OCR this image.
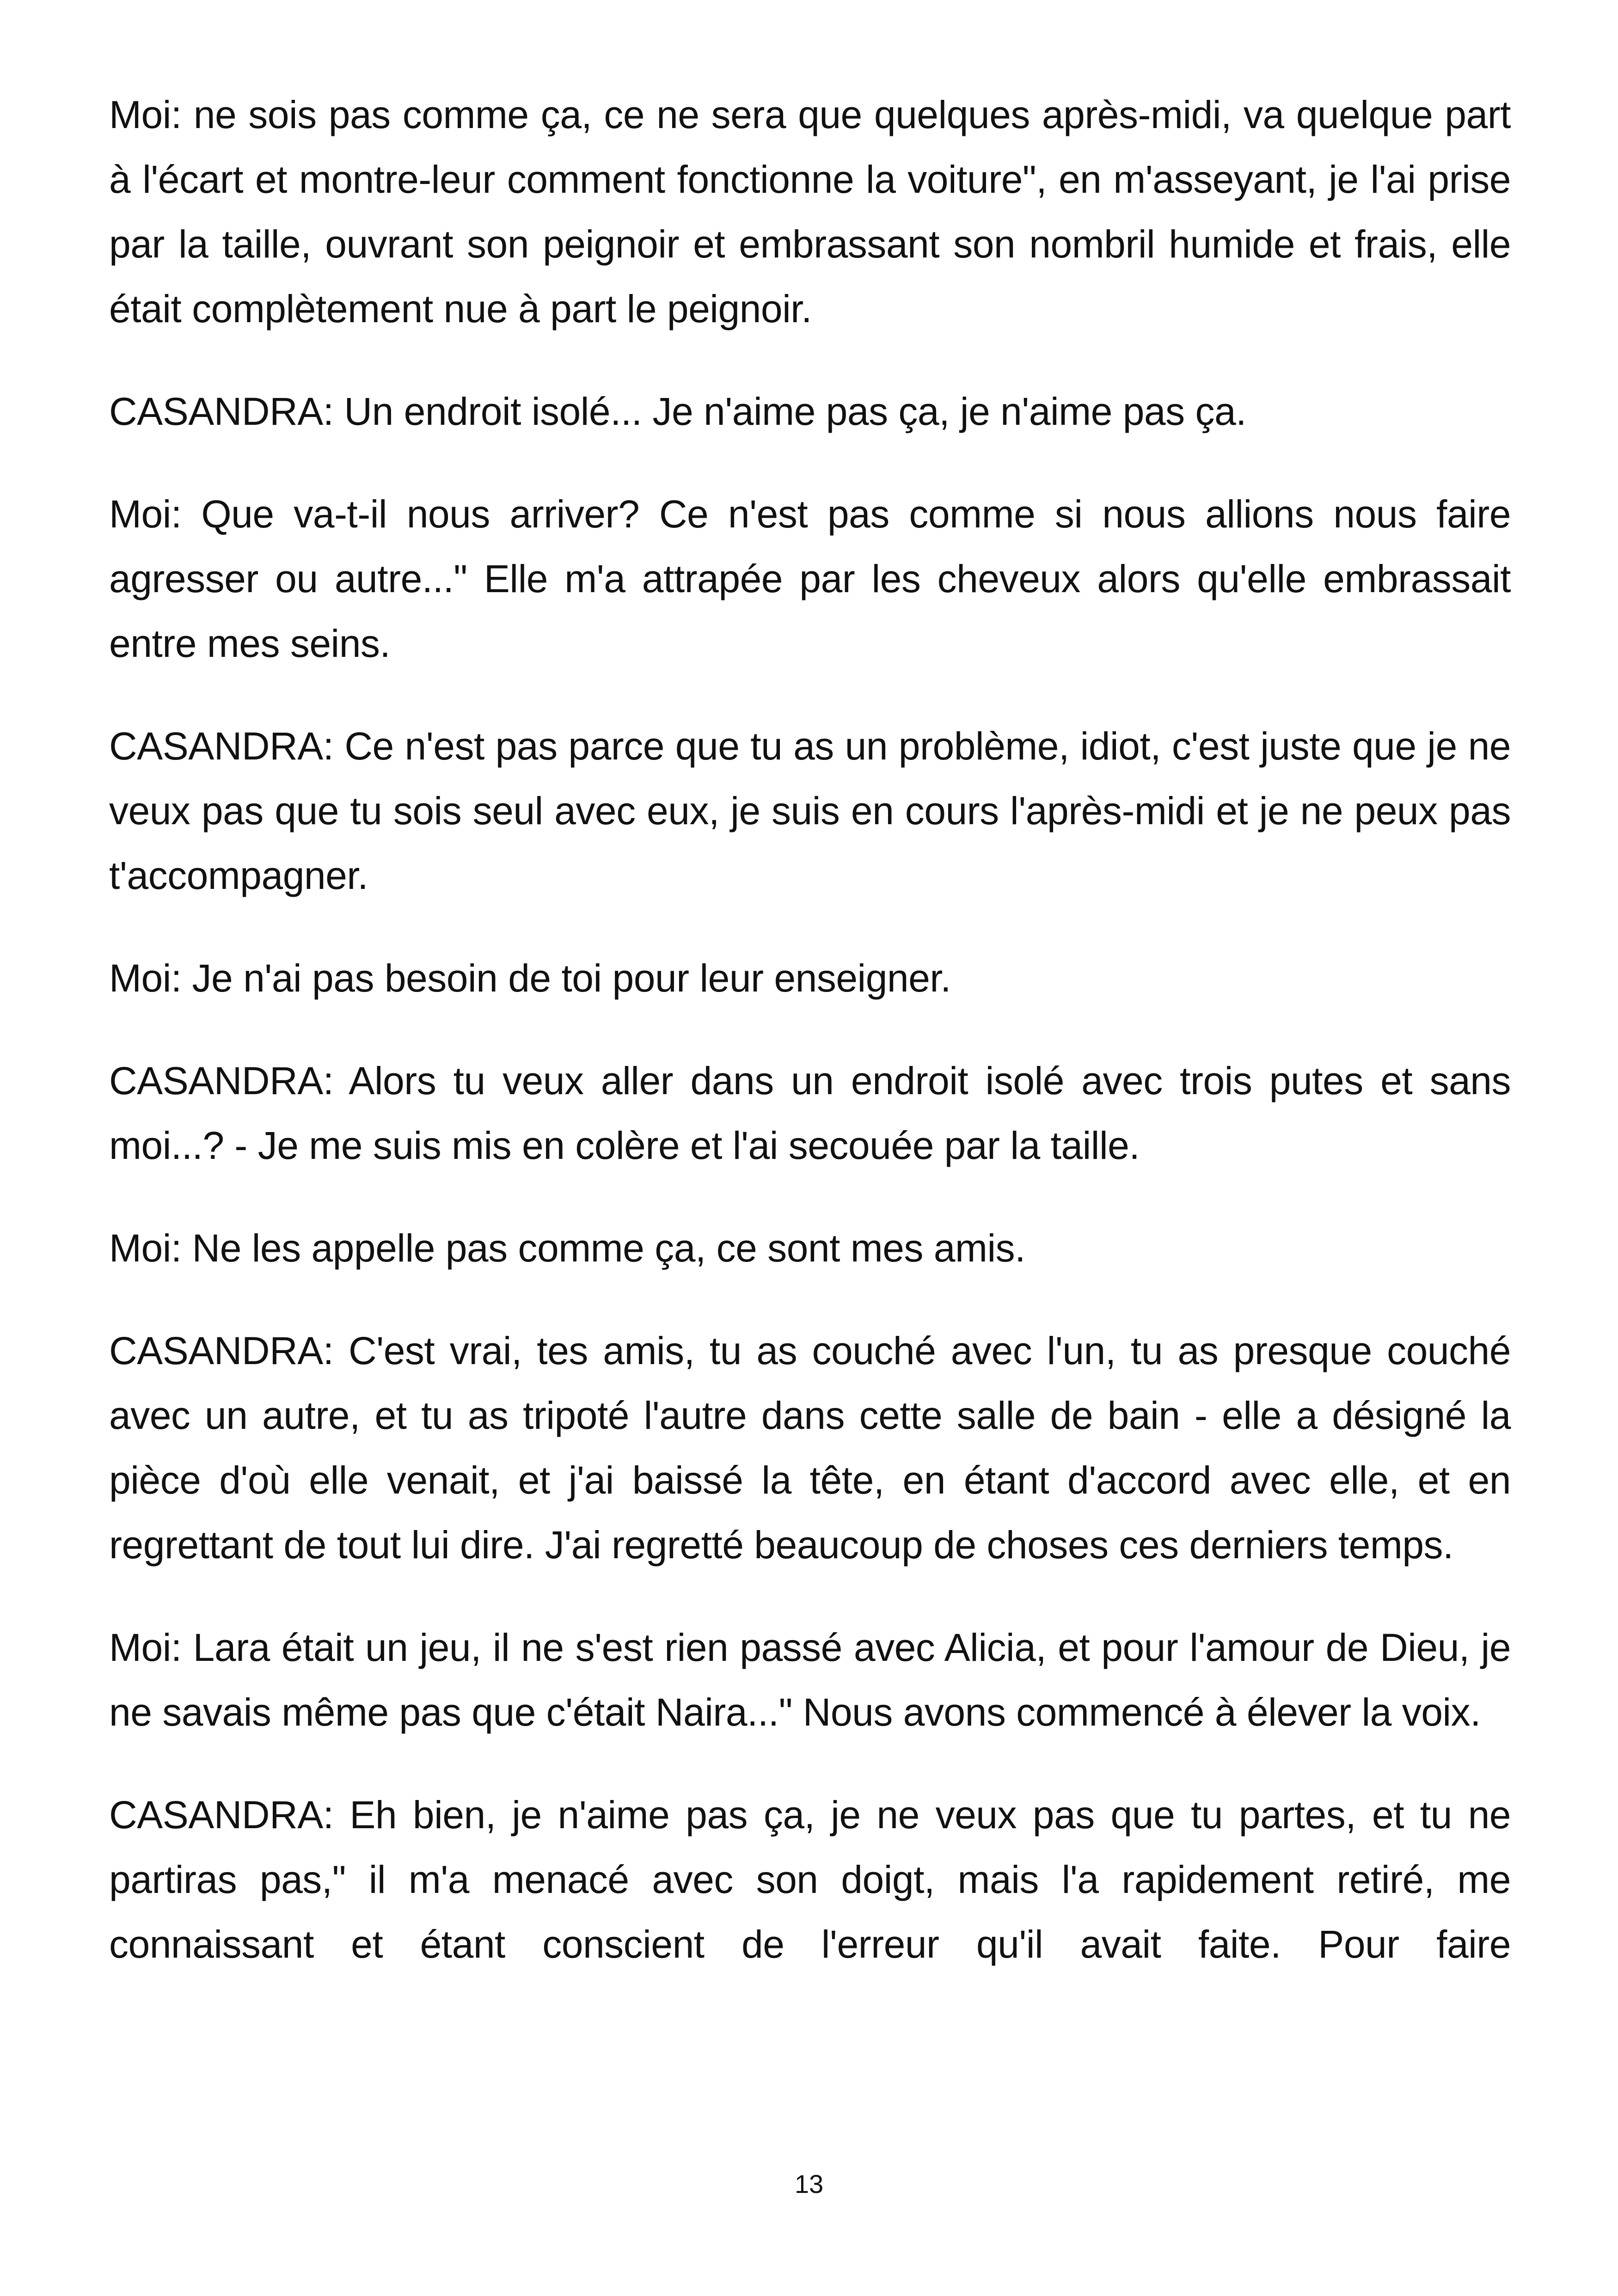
Moi: ne sois pas comme ça, ce ne sera que quelques après-midi, va quelque part à l'écart et montre-leur comment fonctionne la voiture", en m'asseyant, je l'ai prise par la taille, ouvrant son peignoir et embrassant son nombril humide et frais, elle était complètement nue à part le peignoir.

CASANDRA: Un endroit isolé... Je n'aime pas ça, je n'aime pas ça.

Moi: Que va-t-il nous arriver? Ce n'est pas comme si nous allions nous faire agresser ou autre..." Elle m'a attrapée par les cheveux alors qu'elle embrassait entre mes seins.

CASANDRA: Ce n'est pas parce que tu as un problème, idiot, c'est juste que je ne veux pas que tu sois seul avec eux, je suis en cours l'après-midi et je ne peux pas t'accompagner.

Moi: Je n'ai pas besoin de toi pour leur enseigner.

CASANDRA: Alors tu veux aller dans un endroit isolé avec trois putes et sans moi...? - Je me suis mis en colère et l'ai secouée par la taille.

Moi: Ne les appelle pas comme ça, ce sont mes amis.

CASANDRA: C'est vrai, tes amis, tu as couché avec l'un, tu as presque couché avec un autre, et tu as tripoté l'autre dans cette salle de bain - elle a désigné la pièce d'où elle venait, et j'ai baissé la tête, en étant d'accord avec elle, et en regrettant de tout lui dire. J'ai regretté beaucoup de choses ces derniers temps.

Moi: Lara était un jeu, il ne s'est rien passé avec Alicia, et pour l'amour de Dieu, je ne savais même pas que c'était Naira..." Nous avons commencé à élever la voix.

CASANDRA: Eh bien, je n'aime pas ça, je ne veux pas que tu partes, et tu ne partiras pas," il m'a menacé avec son doigt, mais l'a rapidement retiré, me connaissant et étant conscient de l'erreur qu'il avait faite. Pour faire

13
